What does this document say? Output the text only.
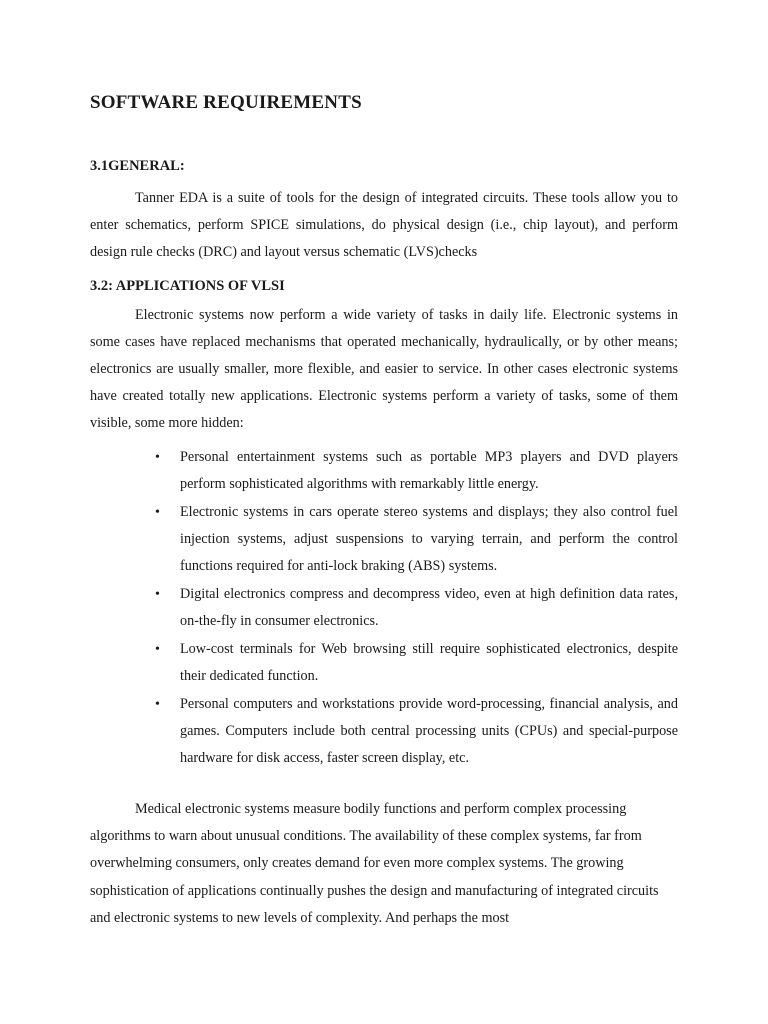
SOFTWARE REQUIREMENTS
3.1GENERAL:

Tanner EDA is a suite of tools for the design of integrated circuits. These tools allow you to enter schematics, perform SPICE simulations, do physical design (i.e., chip layout), and perform design rule checks (DRC) and layout versus schematic (LVS)checks

3.2: APPLICATIONS OF VLSI

Electronic systems now perform a wide variety of tasks in daily life. Electronic systems in some cases have replaced mechanisms that operated mechanically, hydraulically, or by other means; electronics are usually smaller, more flexible, and easier to service. In other cases electronic systems have created totally new applications. Electronic systems perform a variety of tasks, some of them visible, some more hidden:

• Personal entertainment systems such as portable MP3 players and DVD players perform sophisticated algorithms with remarkably little energy.
• Electronic systems in cars operate stereo systems and displays; they also control fuel injection systems, adjust suspensions to varying terrain, and perform the control functions required for anti-lock braking (ABS) systems.
• Digital electronics compress and decompress video, even at high definition data rates, on-the-fly in consumer electronics.
• Low-cost terminals for Web browsing still require sophisticated electronics, despite their dedicated function.
• Personal computers and workstations provide word-processing, financial analysis, and games. Computers include both central processing units (CPUs) and special-purpose hardware for disk access, faster screen display, etc.

Medical electronic systems measure bodily functions and perform complex processing algorithms to warn about unusual conditions. The availability of these complex systems, far from overwhelming consumers, only creates demand for even more complex systems. The growing sophistication of applications continually pushes the design and manufacturing of integrated circuits and electronic systems to new levels of complexity. And perhaps the most
